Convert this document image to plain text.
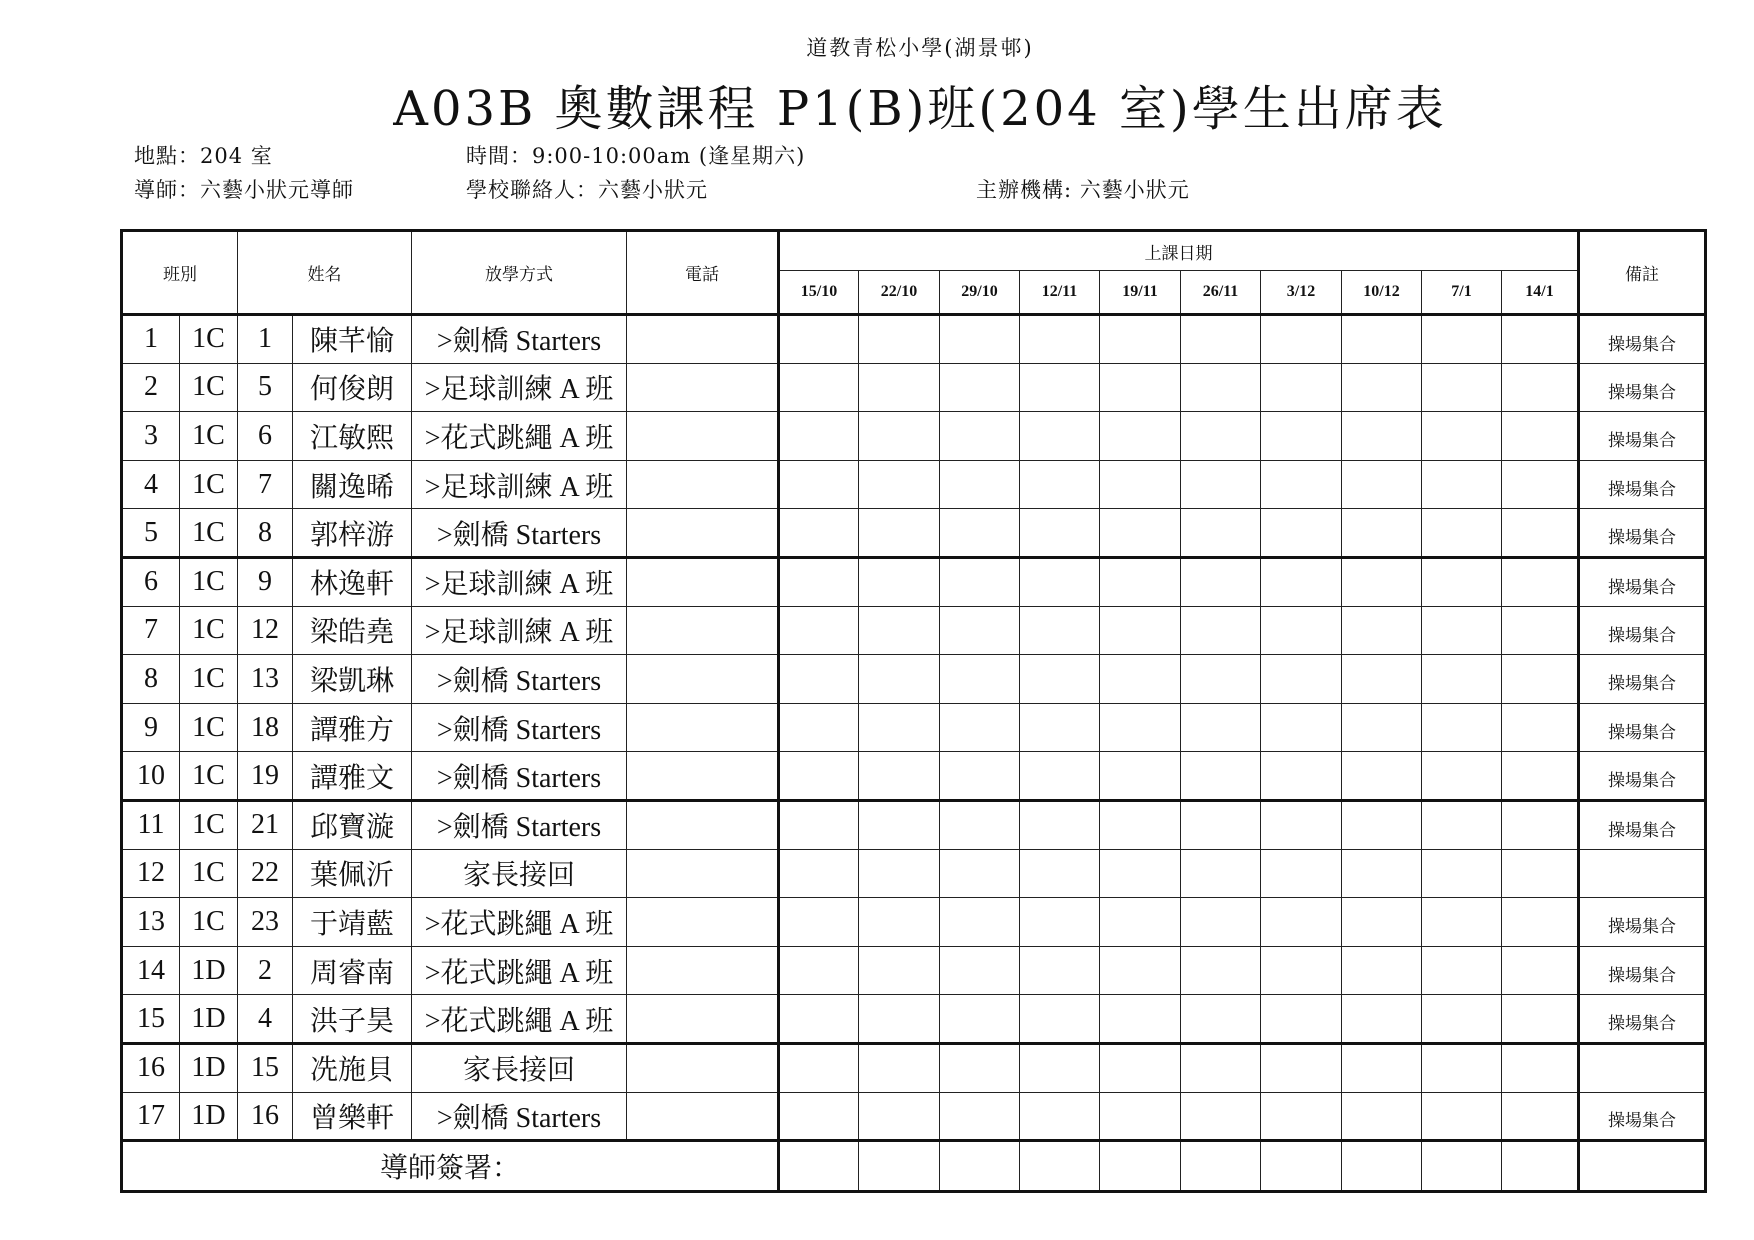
道教青松小學(湖景邨)
A03B 奧數課程 P1(B)班(204 室)學生出席表
地點：204 室	時間：9:00-10:00am (逢星期六)
導師：六藝小狀元導師	學校聯絡人：六藝小狀元	主辦機構: 六藝小狀元
班別		姓名		放學方式	電話	上課日期										備註
						15/10	22/10	29/10	12/11	19/11	26/11	3/12	10/12	7/1	14/1	
1	1C	1	陳芊愉	>劍橋 Starters												操場集合
2	1C	5	何俊朗	>足球訓練 A 班												操場集合
3	1C	6	江敏熙	>花式跳繩 A 班												操場集合
4	1C	7	關逸晞	>足球訓練 A 班												操場集合
5	1C	8	郭梓游	>劍橋 Starters												操場集合
6	1C	9	林逸軒	>足球訓練 A 班												操場集合
7	1C	12	梁皓堯	>足球訓練 A 班												操場集合
8	1C	13	梁凱琳	>劍橋 Starters												操場集合
9	1C	18	譚雅方	>劍橋 Starters												操場集合
10	1C	19	譚雅文	>劍橋 Starters												操場集合
11	1C	21	邱寶漩	>劍橋 Starters												操場集合
12	1C	22	葉佩沂	家長接回												
13	1C	23	于靖藍	>花式跳繩 A 班												操場集合
14	1D	2	周睿南	>花式跳繩 A 班												操場集合
15	1D	4	洪子昊	>花式跳繩 A 班												操場集合
16	1D	15	冼施貝	家長接回												
17	1D	16	曾樂軒	>劍橋 Starters												操場集合
導師簽署：																
